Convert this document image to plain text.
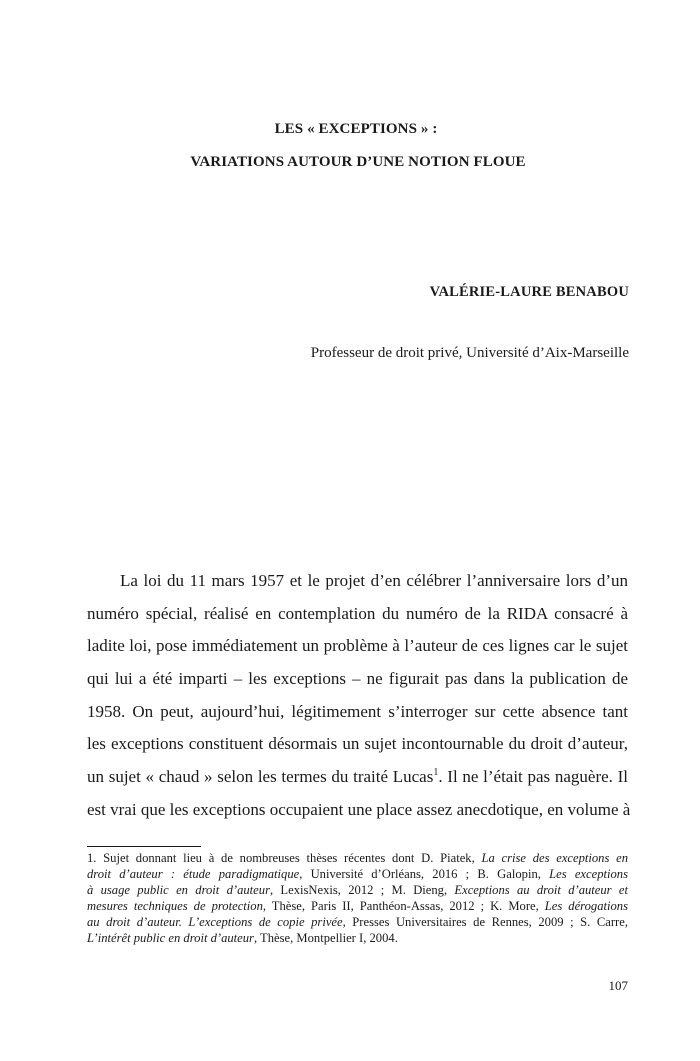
LES « EXCEPTIONS » :
VARIATIONS AUTOUR D’UNE NOTION FLOUE
VALÉRIE-LAURE BENABOU
Professeur de droit privé, Université d’Aix-Marseille
La loi du 11 mars 1957 et le projet d’en célébrer l’anniversaire lors d’un
numéro spécial, réalisé en contemplation du numéro de la RIDA consacré à
ladite loi, pose immédiatement un problème à l’auteur de ces lignes car le sujet
qui lui a été imparti – les exceptions – ne figurait pas dans la publication de
1958. On peut, aujourd’hui, légitimement s’interroger sur cette absence tant
les exceptions constituent désormais un sujet incontournable du droit d’auteur,
un sujet « chaud » selon les termes du traité Lucas$^1$. Il ne l’était pas naguère. Il
est vrai que les exceptions occupaient une place assez anecdotique, en volume à
1. Sujet donnant lieu à de nombreuses thèses récentes dont D. Piatek, La crise des exceptions en
droit d’auteur : étude paradigmatique, Université d’Orléans, 2016 ; B. Galopin, Les exceptions
à usage public en droit d’auteur, LexisNexis, 2012 ; M. Dieng, Exceptions au droit d’auteur et
mesures techniques de protection, Thèse, Paris II, Panthéon-Assas, 2012 ; K. More, Les dérogations
au droit d’auteur. L’exceptions de copie privée, Presses Universitaires de Rennes, 2009 ; S. Carre,
L’intérêt public en droit d’auteur, Thèse, Montpellier I, 2004.
107
